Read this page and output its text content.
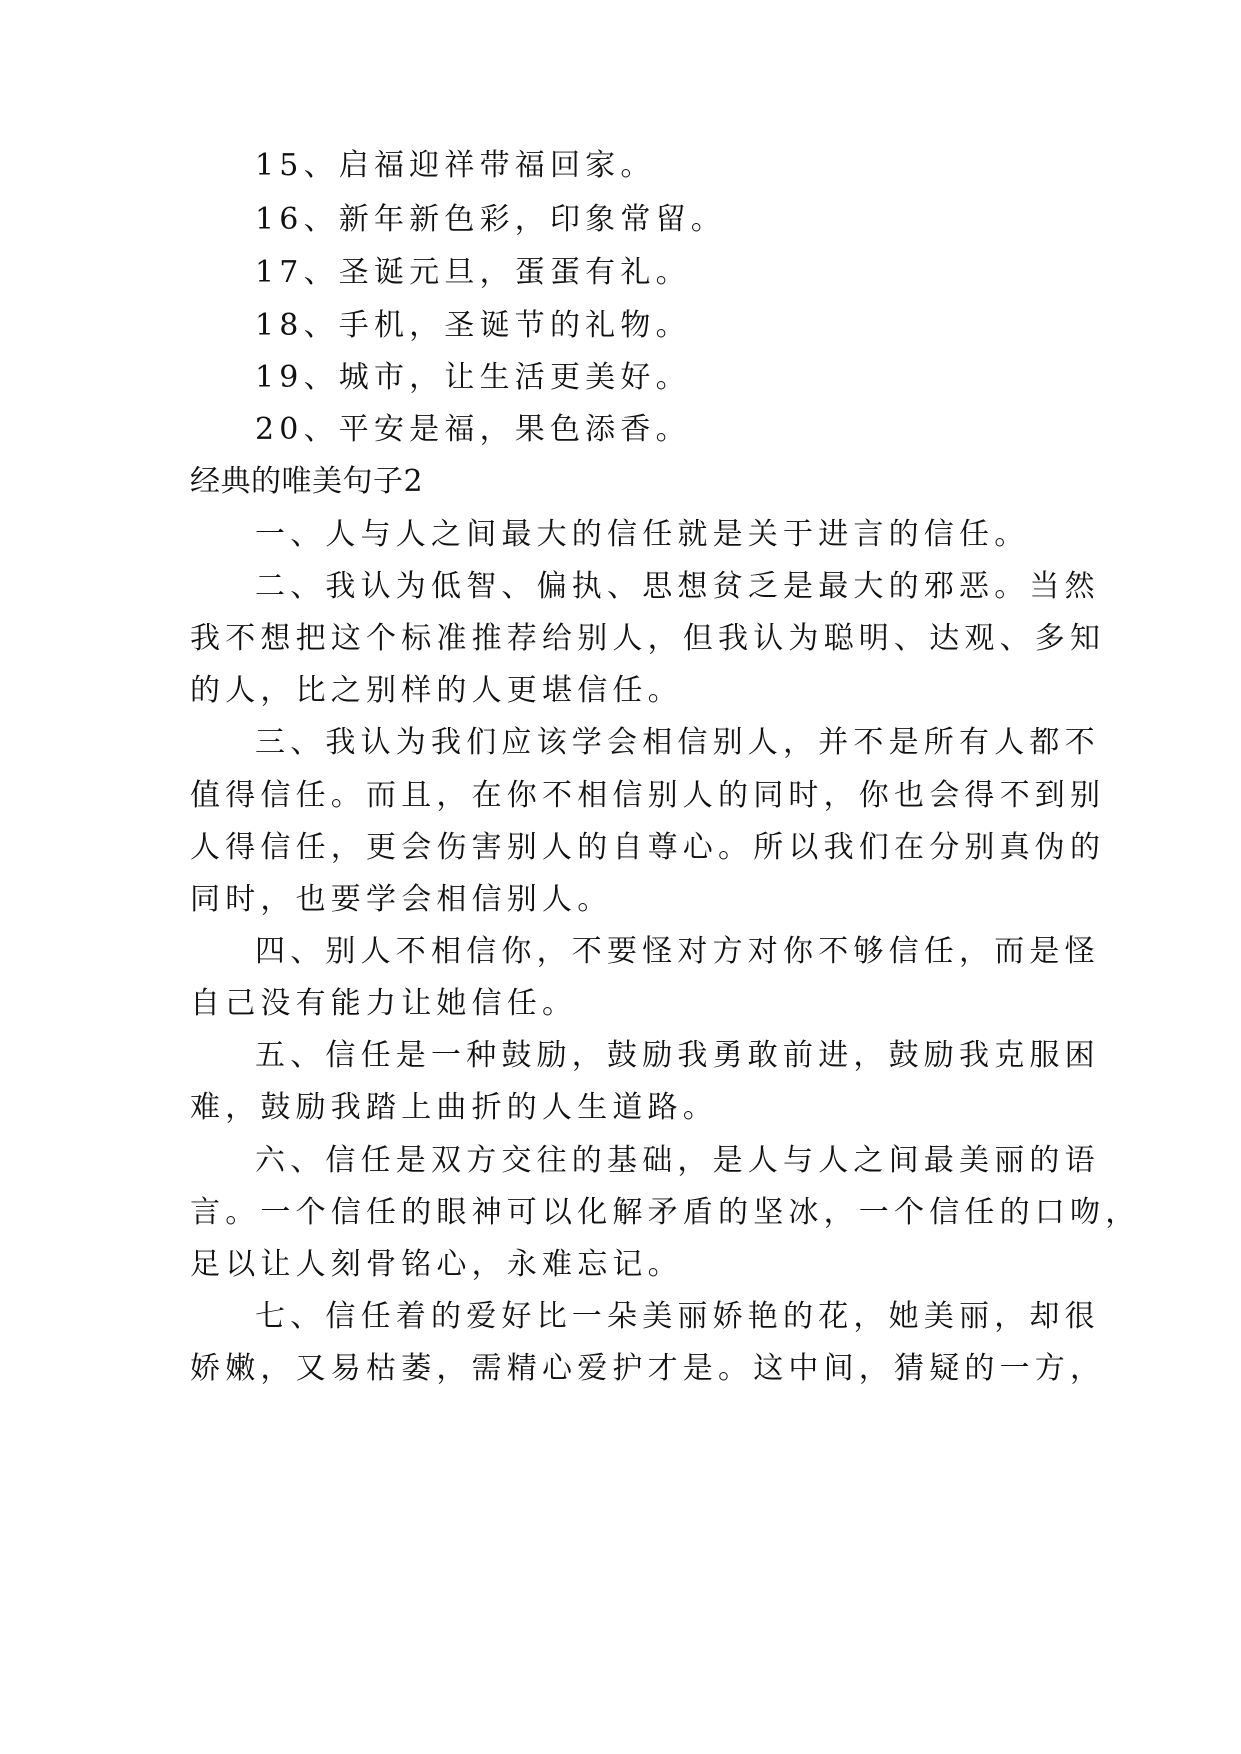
15、启福迎祥带福回家。
16、新年新色彩，印象常留。
17、圣诞元旦，蛋蛋有礼。
18、手机，圣诞节的礼物。
19、城市，让生活更美好。
20、平安是福，果色添香。
经典的唯美句子2
一、人与人之间最大的信任就是关于进言的信任。
二、我认为低智、偏执、思想贫乏是最大的邪恶。当然
我不想把这个标准推荐给别人，但我认为聪明、达观、多知
的人，比之别样的人更堪信任。
三、我认为我们应该学会相信别人，并不是所有人都不
值得信任。而且，在你不相信别人的同时，你也会得不到别
人得信任，更会伤害别人的自尊心。所以我们在分别真伪的
同时，也要学会相信别人。
四、别人不相信你，不要怪对方对你不够信任，而是怪
自己没有能力让她信任。
五、信任是一种鼓励，鼓励我勇敢前进，鼓励我克服困
难，鼓励我踏上曲折的人生道路。
六、信任是双方交往的基础，是人与人之间最美丽的语
言。一个信任的眼神可以化解矛盾的坚冰，一个信任的口吻，
足以让人刻骨铭心，永难忘记。
七、信任着的爱好比一朵美丽娇艳的花，她美丽，却很
娇嫩，又易枯萎，需精心爱护才是。这中间，猜疑的一方，
